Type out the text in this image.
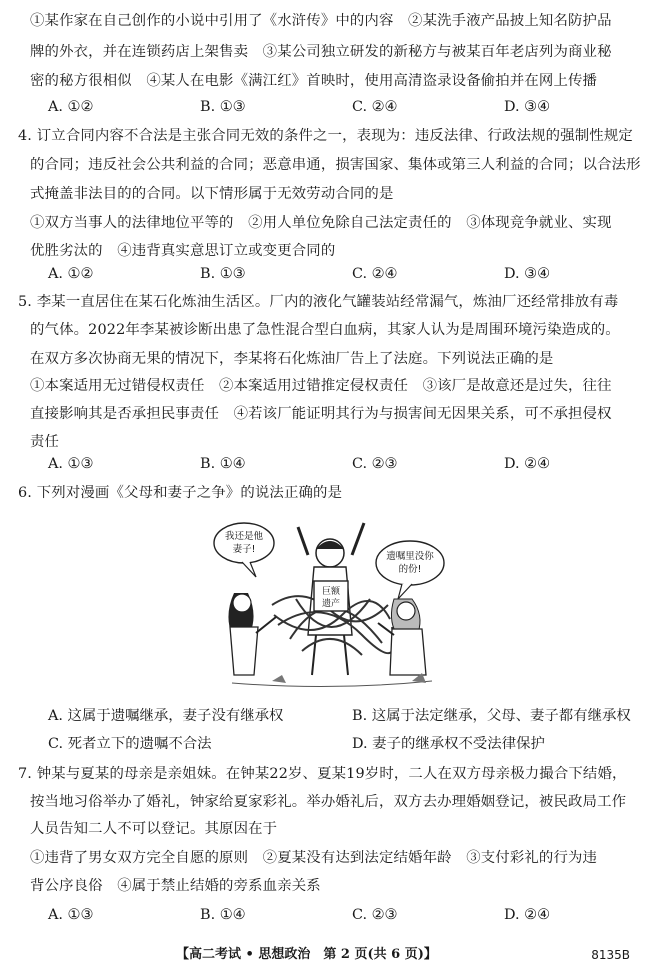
①某作家在自己创作的小说中引用了《水浒传》中的内容　②某洗手液产品披上知名防护品
牌的外衣，并在连锁药店上架售卖　③某公司独立研发的新秘方与被某百年老店列为商业秘
密的秘方很相似　④某人在电影《满江红》首映时，使用高清盗录设备偷拍并在网上传播
A. ①②	B. ①③	C. ②④	D. ③④
4. 订立合同内容不合法是主张合同无效的条件之一，表现为：违反法律、行政法规的强制性规定
的合同；违反社会公共利益的合同；恶意串通，损害国家、集体或第三人利益的合同；以合法形
式掩盖非法目的的合同。以下情形属于无效劳动合同的是
①双方当事人的法律地位平等的　②用人单位免除自己法定责任的　③体现竞争就业、实现
优胜劣汰的　④违背真实意思订立或变更合同的
A. ①②	B. ①③	C. ②④	D. ③④
5. 李某一直居住在某石化炼油生活区。厂内的液化气罐装站经常漏气，炼油厂还经常排放有毒
的气体。2022年李某被诊断出患了急性混合型白血病，其家人认为是周围环境污染造成的。
在双方多次协商无果的情况下，李某将石化炼油厂告上了法庭。下列说法正确的是
①本案适用无过错侵权责任　②本案适用过错推定侵权责任　③该厂是故意还是过失，往往
直接影响其是否承担民事责任　④若该厂能证明其行为与损害间无因果关系，可不承担侵权
责任
A. ①③	B. ①④	C. ②③	D. ②④
6. 下列对漫画《父母和妻子之争》的说法正确的是
我还是他
妻子!
遗嘱里没你
的份!
巨额
遗产
A. 这属于遗嘱继承，妻子没有继承权	B. 这属于法定继承，父母、妻子都有继承权
C. 死者立下的遗嘱不合法	D. 妻子的继承权不受法律保护
7. 钟某与夏某的母亲是亲姐妹。在钟某22岁、夏某19岁时，二人在双方母亲极力撮合下结婚，
按当地习俗举办了婚礼，钟家给夏家彩礼。举办婚礼后，双方去办理婚姻登记，被民政局工作
人员告知二人不可以登记。其原因在于
①违背了男女双方完全自愿的原则　②夏某没有达到法定结婚年龄　③支付彩礼的行为违
背公序良俗　④属于禁止结婚的旁系血亲关系
A. ①③	B. ①④	C. ②③	D. ②④
【高二考试 • 思想政治　第 2 页(共 6 页)】	8135B
